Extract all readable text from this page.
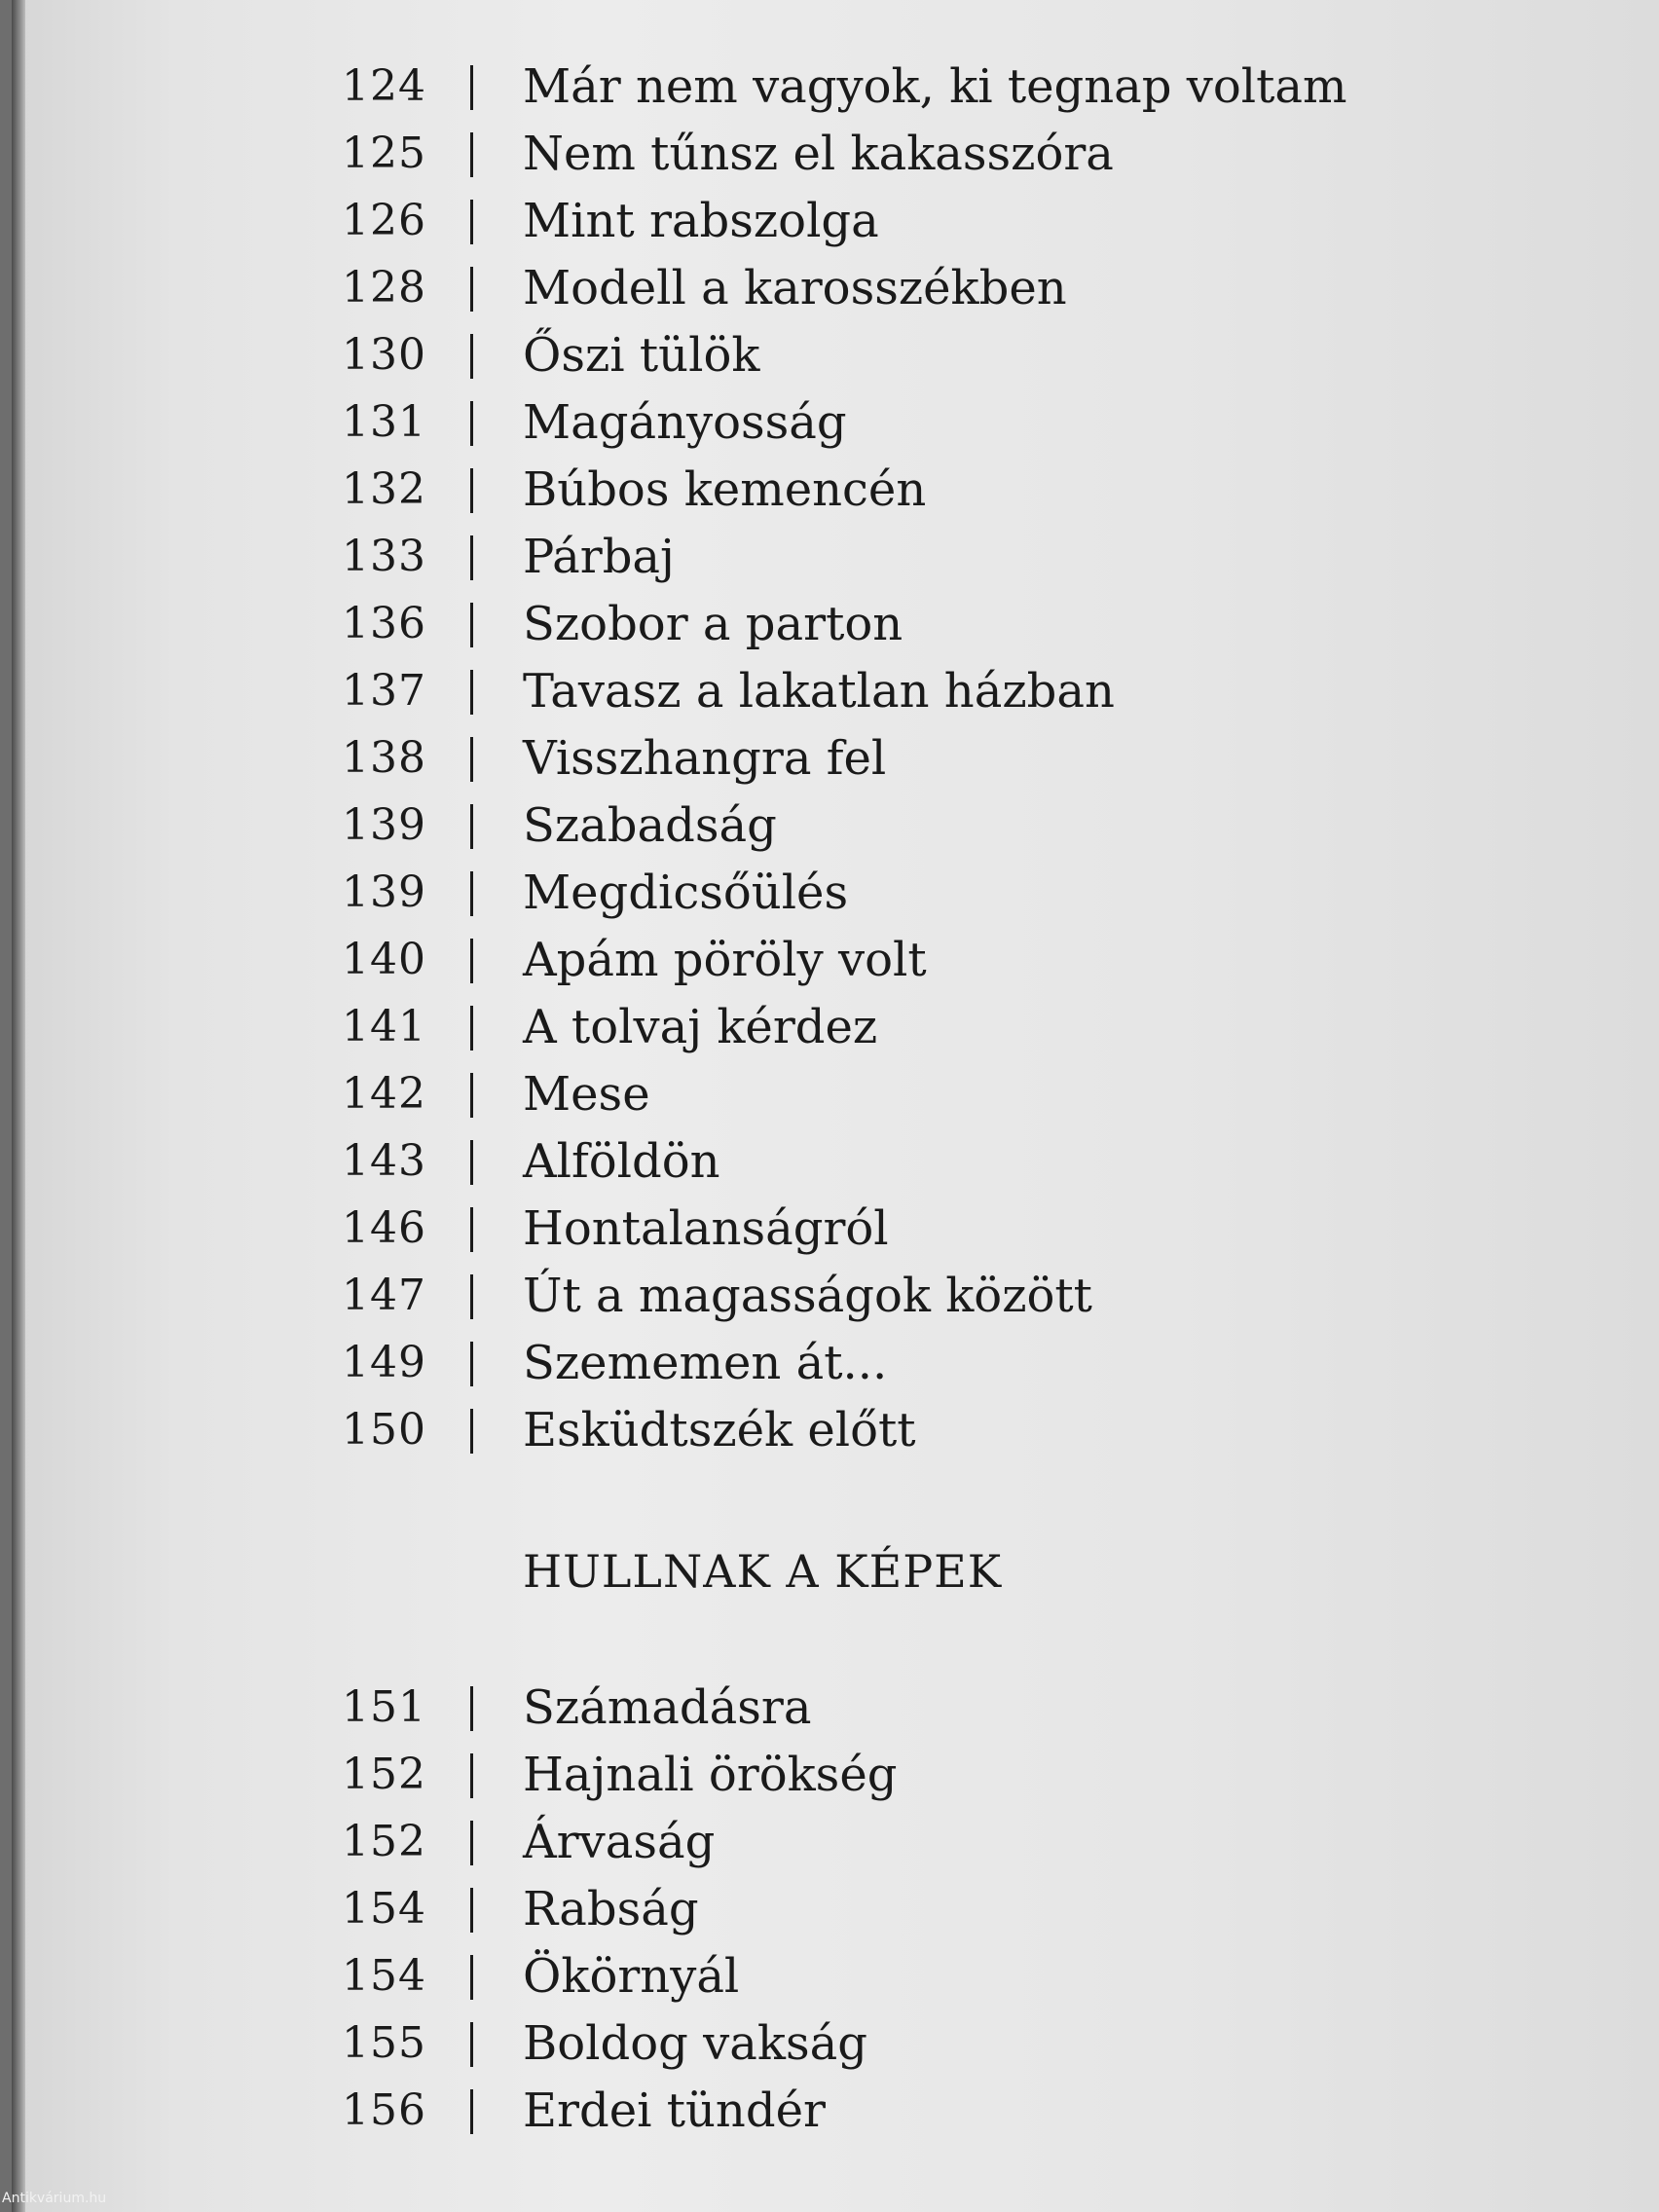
124 Már nem vagyok, ki tegnap voltam
125 Nem tűnsz el kakasszóra
126 Mint rabszolga
128 Modell a karosszékben
130 Őszi tülök
131 Magányosság
132 Búbos kemencén
133 Párbaj
136 Szobor a parton
137 Tavasz a lakatlan házban
138 Visszhangra fel
139 Szabadság
139 Megdicsőülés
140 Apám pöröly volt
141 A tolvaj kérdez
142 Mese
143 Alföldön
146 Hontalanságról
147 Út a magasságok között
149 Szememen át...
150 Esküdtszék előtt
HULLNAK A KÉPEK
151 Számadásra
152 Hajnali örökség
152 Árvaság
154 Rabság
154 Ökörnyál
155 Boldog vakság
156 Erdei tündér
Antikvárium.hu
